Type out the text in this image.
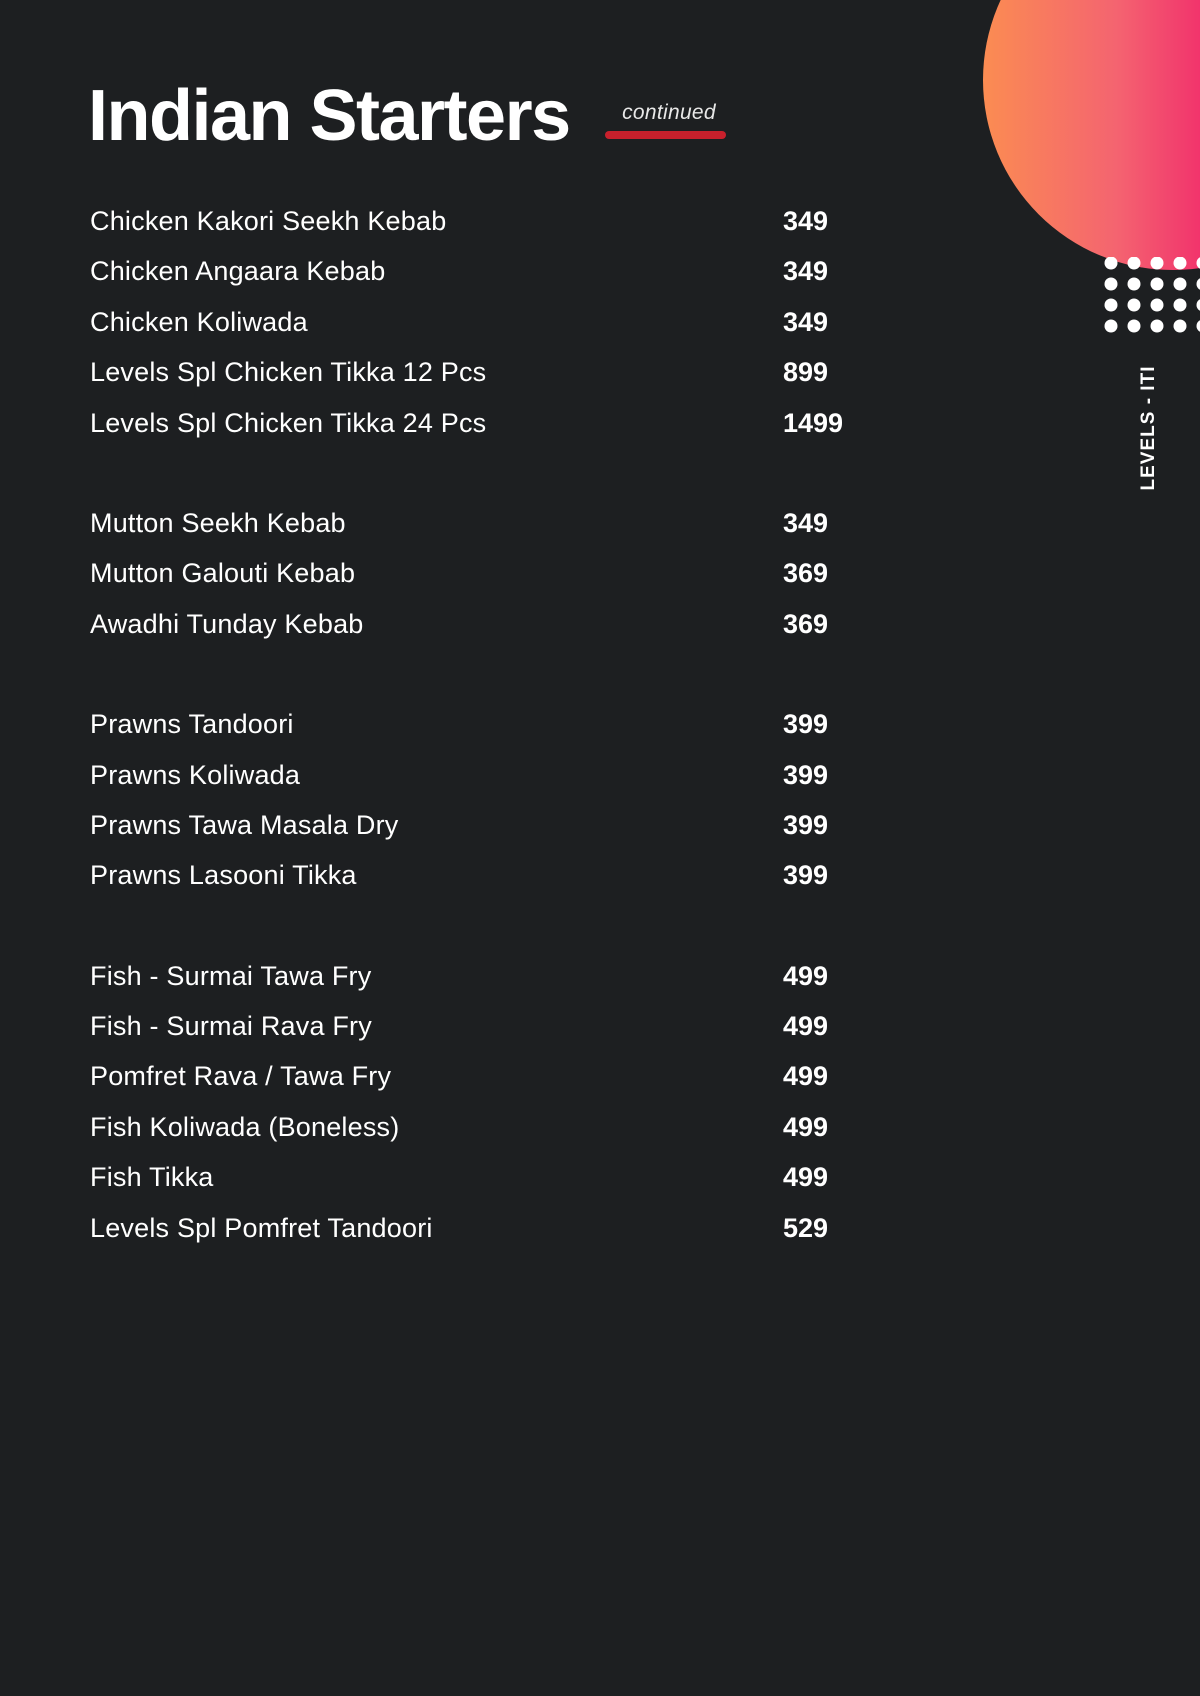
LEVELS - ITI
Indian Starters	continued
Chicken Kakori Seekh Kebab	349
Chicken Angaara Kebab	349
Chicken Koliwada	349
Levels Spl Chicken Tikka 12 Pcs	899
Levels Spl Chicken Tikka 24 Pcs	1499
Mutton Seekh Kebab	349
Mutton Galouti Kebab	369
Awadhi Tunday Kebab	369
Prawns Tandoori	399
Prawns Koliwada	399
Prawns Tawa Masala Dry	399
Prawns Lasooni Tikka	399
Fish - Surmai Tawa Fry	499
Fish - Surmai Rava Fry	499
Pomfret Rava / Tawa Fry	499
Fish Koliwada (Boneless)	499
Fish Tikka	499
Levels Spl Pomfret Tandoori	529
